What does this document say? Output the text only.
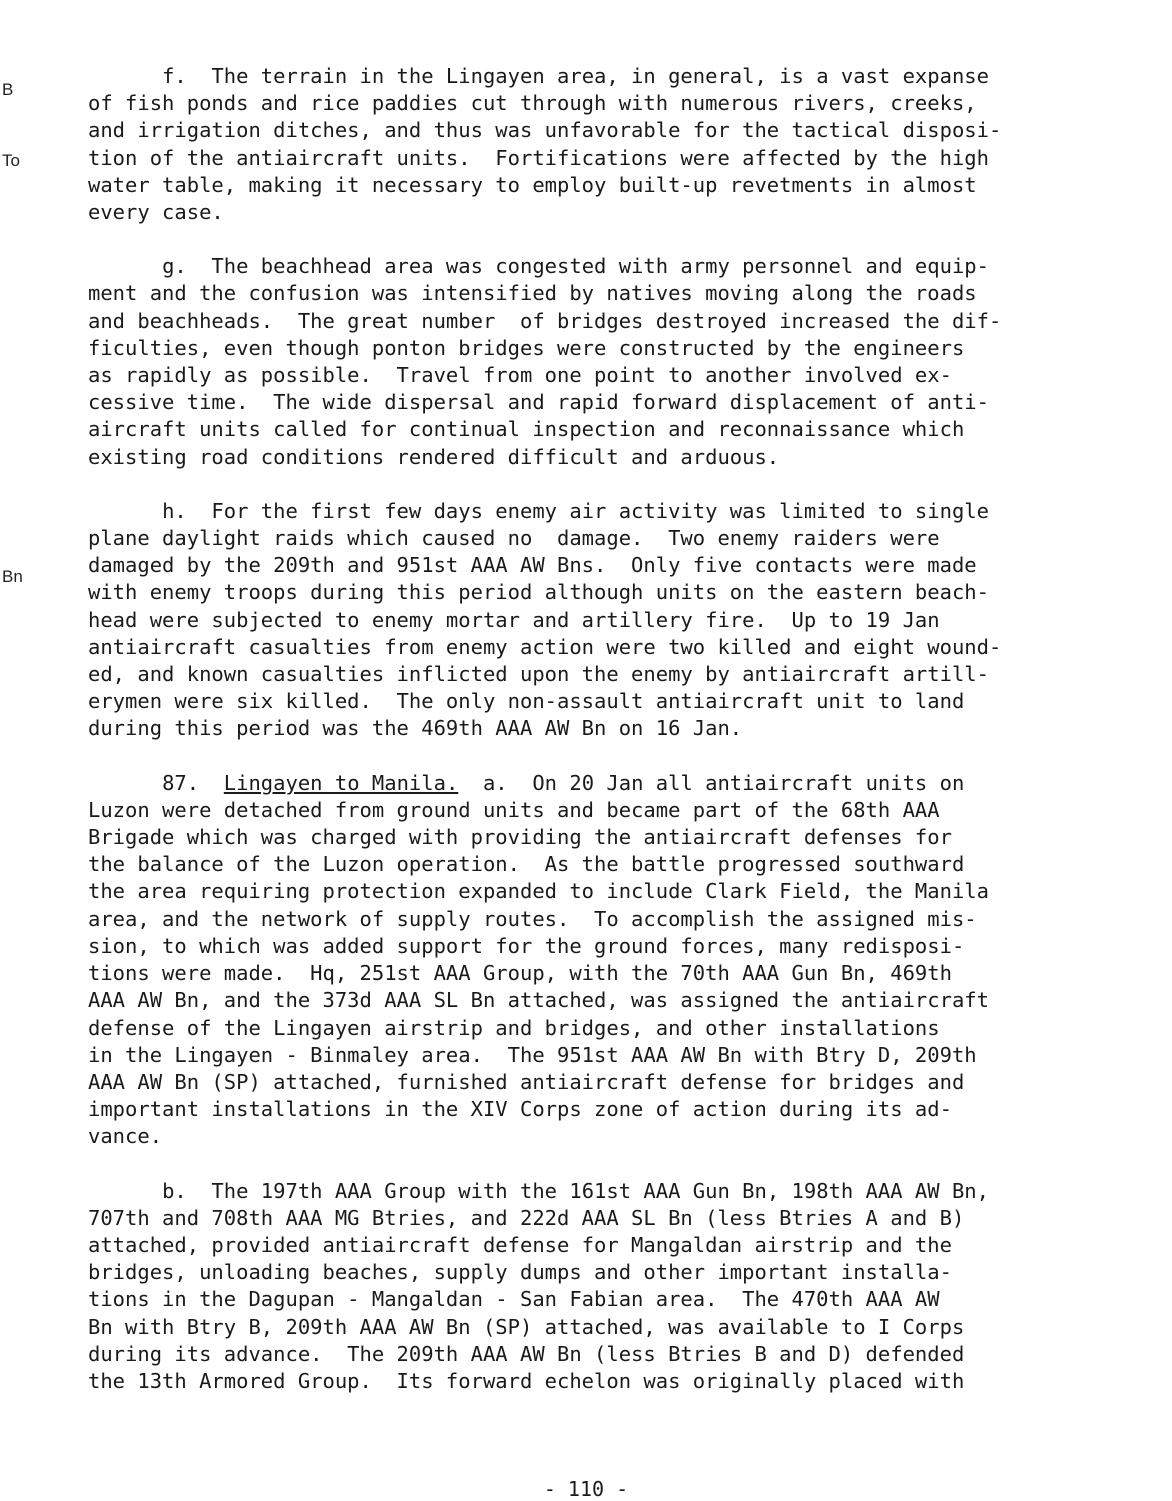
B
To
Bn

f.  The terrain in the Lingayen area, in general, is a vast expanse
of fish ponds and rice paddies cut through with numerous rivers, creeks,
and irrigation ditches, and thus was unfavorable for the tactical disposi-
tion of the antiaircraft units.  Fortifications were affected by the high
water table, making it necessary to employ built-up revetments in almost
every case.

g.  The beachhead area was congested with army personnel and equip-
ment and the confusion was intensified by natives moving along the roads
and beachheads.  The great number  of bridges destroyed increased the dif-
ficulties, even though ponton bridges were constructed by the engineers
as rapidly as possible.  Travel from one point to another involved ex-
cessive time.  The wide dispersal and rapid forward displacement of anti-
aircraft units called for continual inspection and reconnaissance which
existing road conditions rendered difficult and arduous.

h.  For the first few days enemy air activity was limited to single
plane daylight raids which caused no  damage.  Two enemy raiders were
damaged by the 209th and 951st AAA AW Bns.  Only five contacts were made
with enemy troops during this period although units on the eastern beach-
head were subjected to enemy mortar and artillery fire.  Up to 19 Jan
antiaircraft casualties from enemy action were two killed and eight wound-
ed, and known casualties inflicted upon the enemy by antiaircraft artill-
erymen were six killed.  The only non-assault antiaircraft unit to land
during this period was the 469th AAA AW Bn on 16 Jan.

87.  Lingayen to Manila.  a.  On 20 Jan all antiaircraft units on
Luzon were detached from ground units and became part of the 68th AAA
Brigade which was charged with providing the antiaircraft defenses for
the balance of the Luzon operation.  As the battle progressed southward
the area requiring protection expanded to include Clark Field, the Manila
area, and the network of supply routes.  To accomplish the assigned mis-
sion, to which was added support for the ground forces, many redisposi-
tions were made.  Hq, 251st AAA Group, with the 70th AAA Gun Bn, 469th
AAA AW Bn, and the 373d AAA SL Bn attached, was assigned the antiaircraft
defense of the Lingayen airstrip and bridges, and other installations
in the Lingayen - Binmaley area.  The 951st AAA AW Bn with Btry D, 209th
AAA AW Bn (SP) attached, furnished antiaircraft defense for bridges and
important installations in the XIV Corps zone of action during its ad-
vance.

b.  The 197th AAA Group with the 161st AAA Gun Bn, 198th AAA AW Bn,
707th and 708th AAA MG Btries, and 222d AAA SL Bn (less Btries A and B)
attached, provided antiaircraft defense for Mangaldan airstrip and the
bridges, unloading beaches, supply dumps and other important installa-
tions in the Dagupan - Mangaldan - San Fabian area.  The 470th AAA AW
Bn with Btry B, 209th AAA AW Bn (SP) attached, was available to I Corps
during its advance.  The 209th AAA AW Bn (less Btries B and D) defended
the 13th Armored Group.  Its forward echelon was originally placed with

- 110 -
